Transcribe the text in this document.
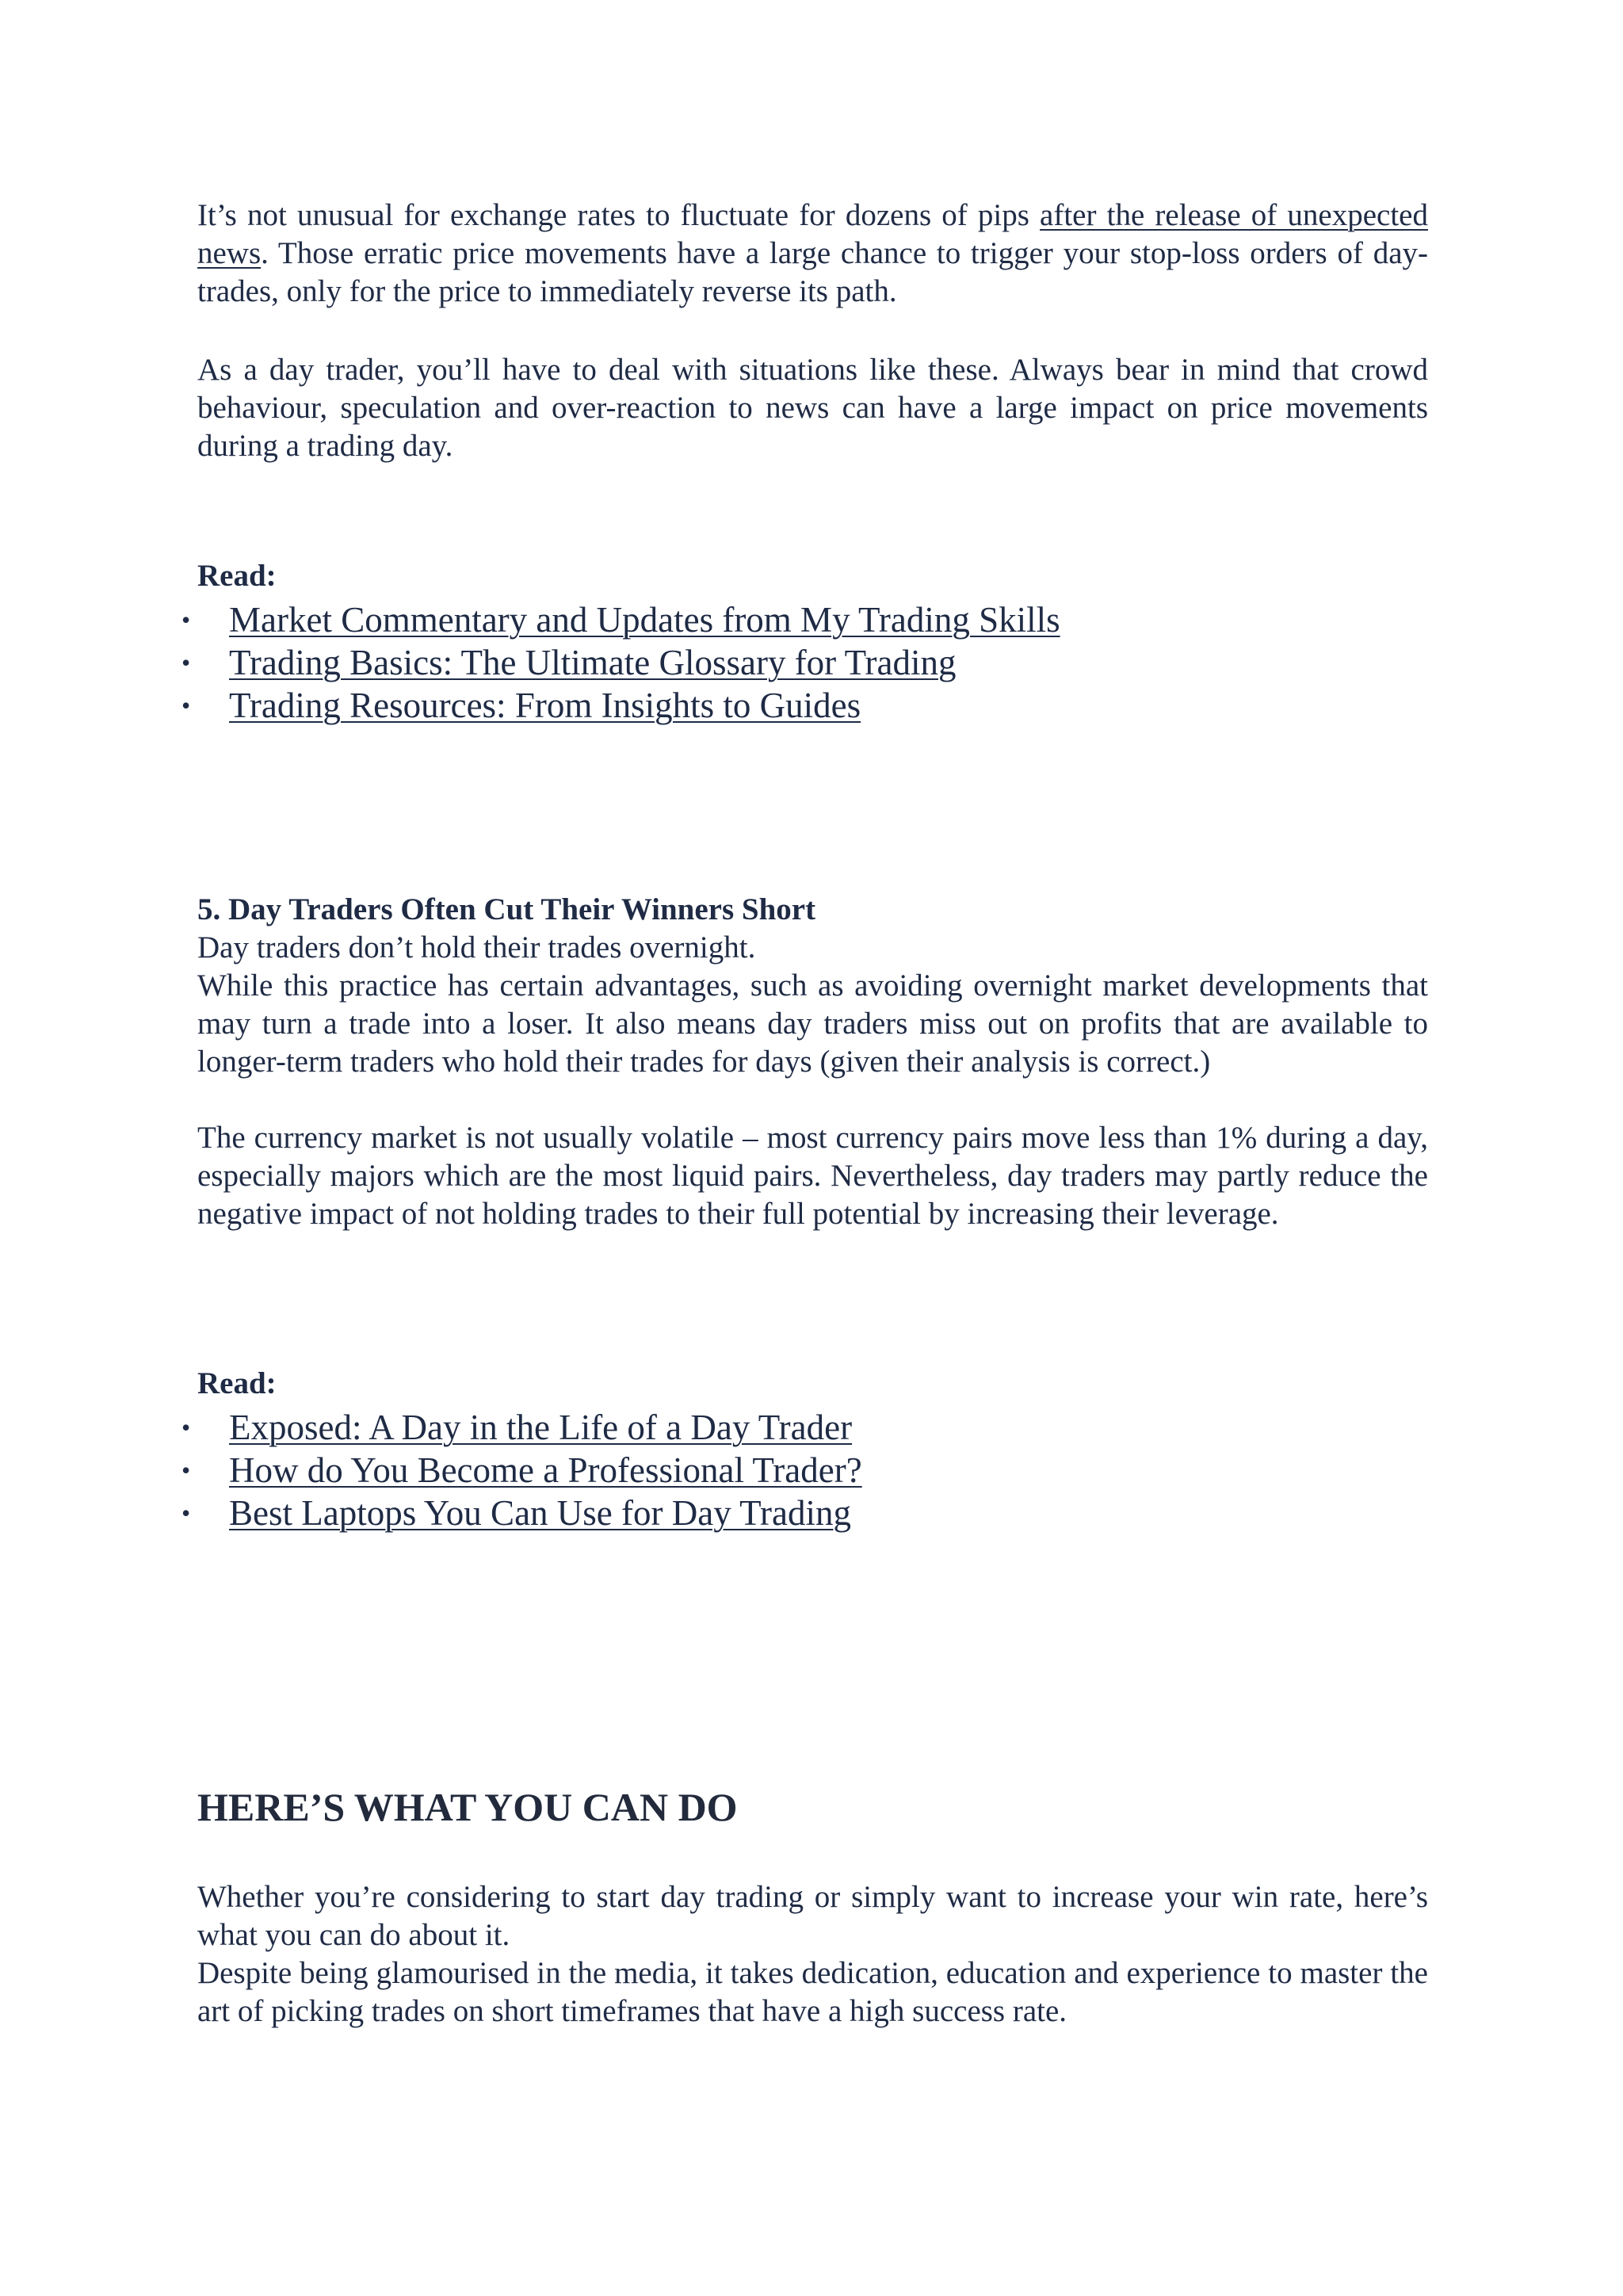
It’s not unusual for exchange rates to fluctuate for dozens of pips after the release of unexpected news. Those erratic price movements have a large chance to trigger your stop-loss orders of day-trades, only for the price to immediately reverse its path.

As a day trader, you’ll have to deal with situations like these. Always bear in mind that crowd behaviour, speculation and over-reaction to news can have a large impact on price movements during a trading day.

Read:
• Market Commentary and Updates from My Trading Skills
• Trading Basics: The Ultimate Glossary for Trading
• Trading Resources: From Insights to Guides
5. Day Traders Often Cut Their Winners Short

Day traders don’t hold their trades overnight.

While this practice has certain advantages, such as avoiding overnight market developments that may turn a trade into a loser. It also means day traders miss out on profits that are available to longer-term traders who hold their trades for days (given their analysis is correct.)

The currency market is not usually volatile – most currency pairs move less than 1% during a day, especially majors which are the most liquid pairs. Nevertheless, day traders may partly reduce the negative impact of not holding trades to their full potential by increasing their leverage.

Read:
• Exposed: A Day in the Life of a Day Trader
• How do You Become a Professional Trader?
• Best Laptops You Can Use for Day Trading
HERE’S WHAT YOU CAN DO

Whether you’re considering to start day trading or simply want to increase your win rate, here’s what you can do about it.

Despite being glamourised in the media, it takes dedication, education and experience to master the art of picking trades on short timeframes that have a high success rate.
